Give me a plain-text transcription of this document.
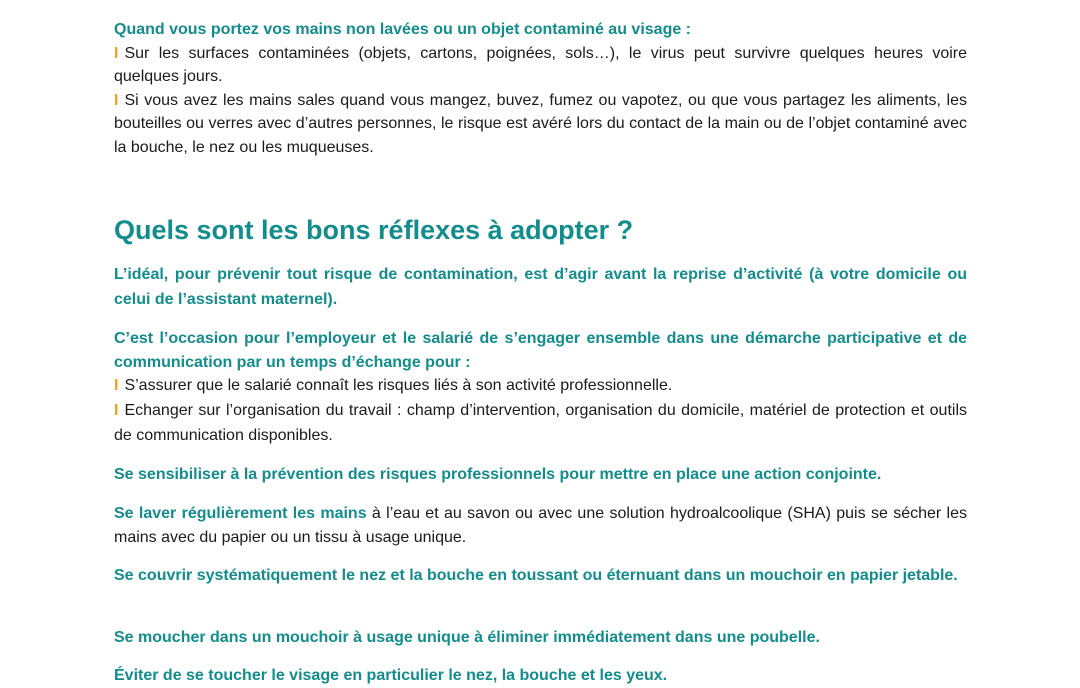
Quand vous portez vos mains non lavées ou un objet contaminé au visage :

I Sur les surfaces contaminées (objets, cartons, poignées, sols…), le virus peut survivre quelques heures voire quelques jours.

I Si vous avez les mains sales quand vous mangez, buvez, fumez ou vapotez, ou que vous partagez les aliments, les bouteilles ou verres avec d’autres personnes, le risque est avéré lors du contact de la main ou de l’objet contaminé avec la bouche, le nez ou les muqueuses.

Quels sont les bons réflexes à adopter ?

L’idéal, pour prévenir tout risque de contamination, est d’agir avant la reprise d’activité (à votre domicile ou celui de l’assistant maternel).

C’est l’occasion pour l’employeur et le salarié de s’engager ensemble dans une démarche participative et de communication par un temps d’échange pour :

I S’assurer que le salarié connaît les risques liés à son activité professionnelle.

I Echanger sur l’organisation du travail : champ d’intervention, organisation du domicile, matériel de protection et outils de communication disponibles.

Se sensibiliser à la prévention des risques professionnels pour mettre en place une action conjointe.

Se laver régulièrement les mains à l’eau et au savon ou avec une solution hydroalcoolique (SHA) puis se sécher les mains avec du papier ou un tissu à usage unique.

Se couvrir systématiquement le nez et la bouche en toussant ou éternuant dans un mouchoir en papier jetable.

Se moucher dans un mouchoir à usage unique à éliminer immédiatement dans une poubelle.

Éviter de se toucher le visage en particulier le nez, la bouche et les yeux.
